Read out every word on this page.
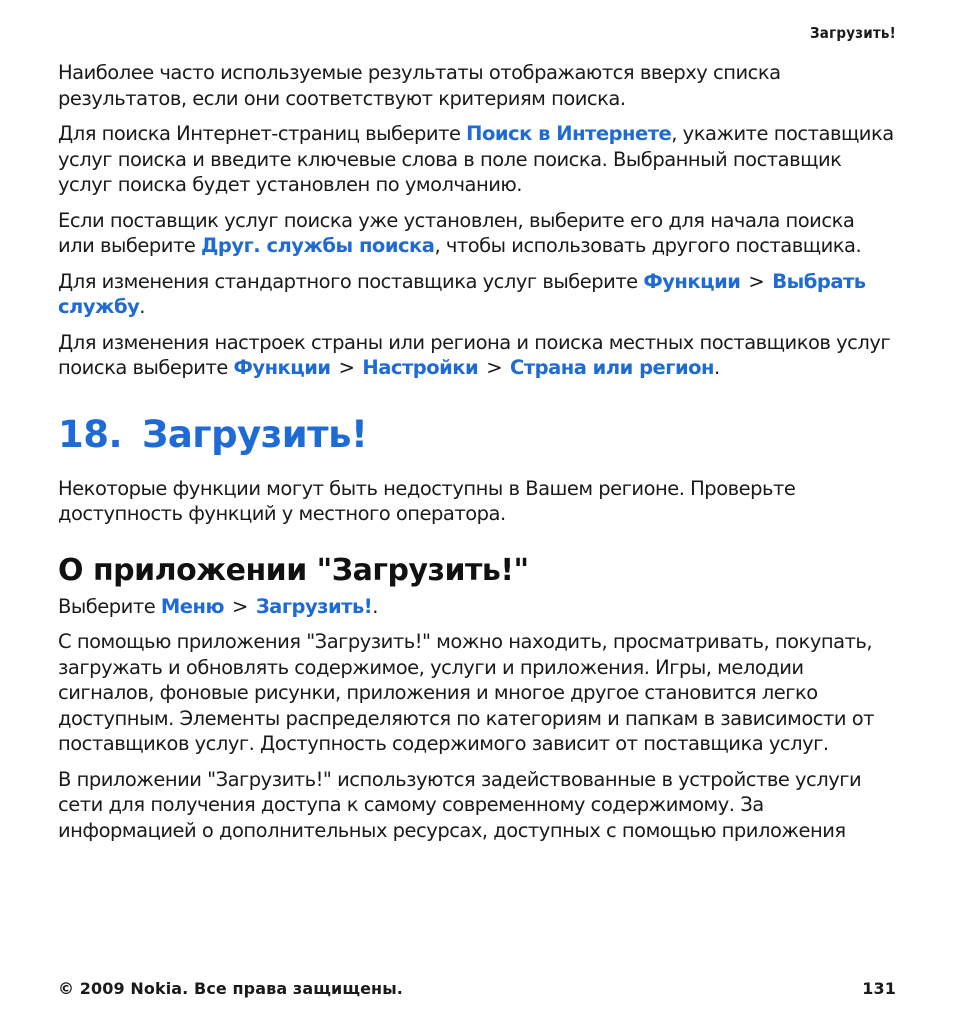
Загрузить!

Наиболее часто используемые результаты отображаются вверху списка результатов, если они соответствуют критериям поиска.

Для поиска Интернет-страниц выберите Поиск в Интернете, укажите поставщика услуг поиска и введите ключевые слова в поле поиска. Выбранный поставщик услуг поиска будет установлен по умолчанию.

Если поставщик услуг поиска уже установлен, выберите его для начала поиска или выберите Друг. службы поиска, чтобы использовать другого поставщика.

Для изменения стандартного поставщика услуг выберите Функции > Выбрать службу.

Для изменения настроек страны или региона и поиска местных поставщиков услуг поиска выберите Функции > Настройки > Страна или регион.

18. Загрузить!

Некоторые функции могут быть недоступны в Вашем регионе. Проверьте доступность функций у местного оператора.

О приложении "Загрузить!"

Выберите Меню > Загрузить!.

С помощью приложения "Загрузить!" можно находить, просматривать, покупать, загружать и обновлять содержимое, услуги и приложения. Игры, мелодии сигналов, фоновые рисунки, приложения и многое другое становится легко доступным. Элементы распределяются по категориям и папкам в зависимости от поставщиков услуг. Доступность содержимого зависит от поставщика услуг.

В приложении "Загрузить!" используются задействованные в устройстве услуги сети для получения доступа к самому современному содержимому. За информацией о дополнительных ресурсах, доступных с помощью приложения

© 2009 Nokia. Все права защищены.	131
